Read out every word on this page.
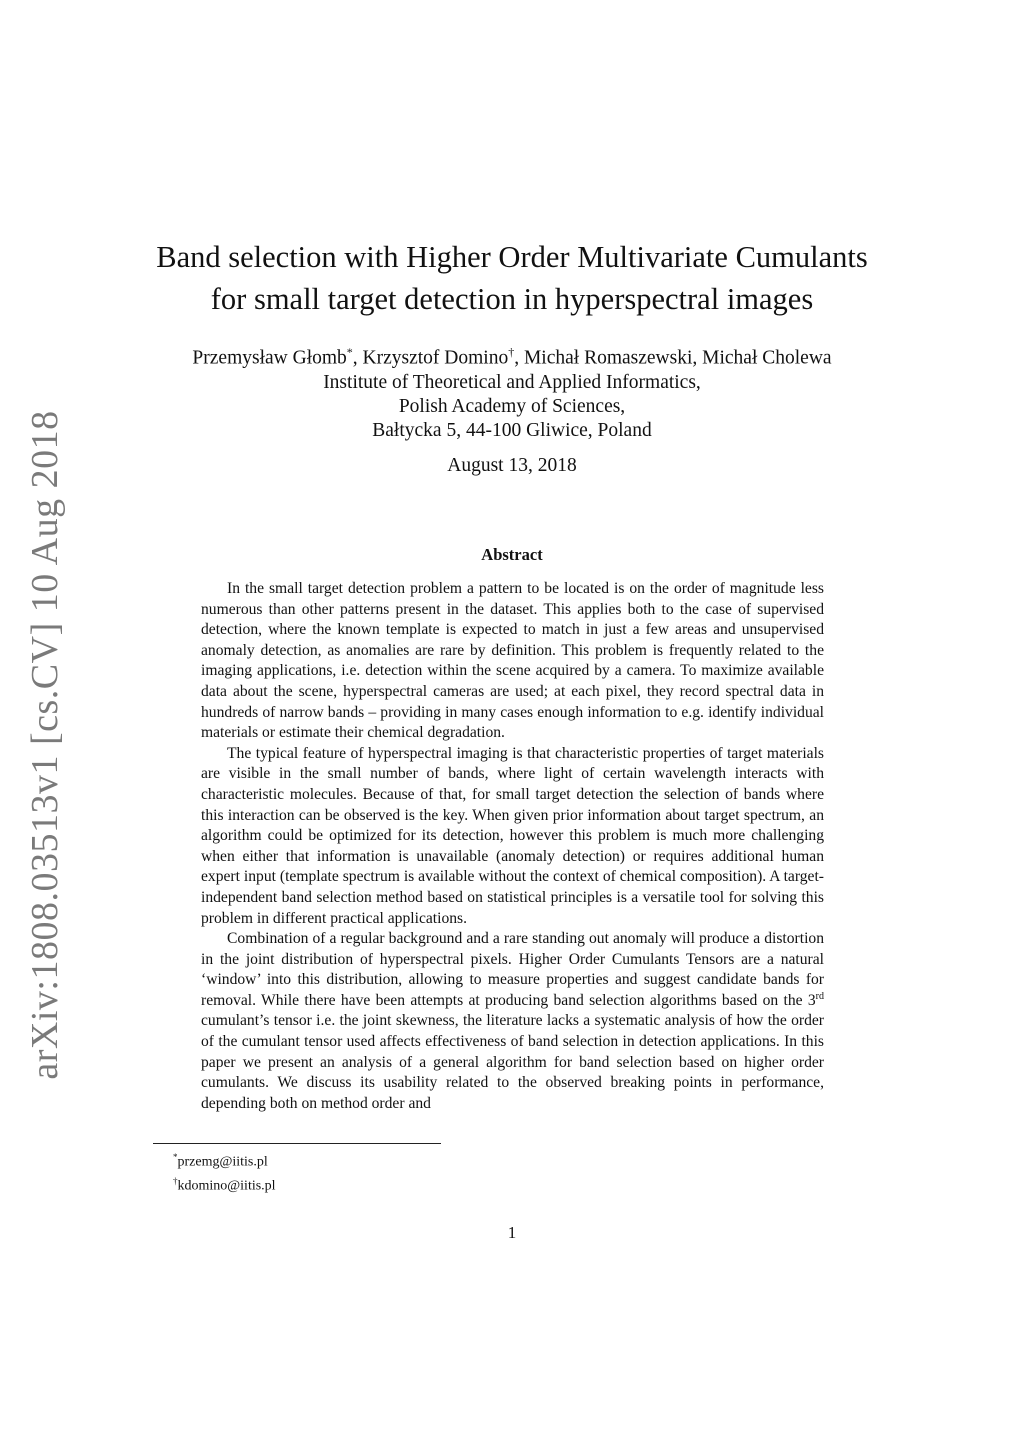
arXiv:1808.03513v1 [cs.CV] 10 Aug 2018
Band selection with Higher Order Multivariate Cumulants
for small target detection in hyperspectral images
Przemysław Głomb*, Krzysztof Domino†, Michał Romaszewski, Michał Cholewa
Institute of Theoretical and Applied Informatics,
Polish Academy of Sciences,
Bałtycka 5, 44-100 Gliwice, Poland
August 13, 2018
Abstract

In the small target detection problem a pattern to be located is on the order of magnitude less numerous than other patterns present in the dataset. This applies both to the case of supervised detection, where the known template is expected to match in just a few areas and unsupervised anomaly detection, as anomalies are rare by definition. This problem is frequently related to the imaging applications, i.e. detection within the scene acquired by a camera. To maximize available data about the scene, hyperspectral cameras are used; at each pixel, they record spectral data in hundreds of narrow bands – providing in many cases enough information to e.g. identify individual materials or estimate their chemical degradation.

The typical feature of hyperspectral imaging is that characteristic properties of target materials are visible in the small number of bands, where light of certain wavelength interacts with characteristic molecules. Because of that, for small target detection the selection of bands where this interaction can be observed is the key. When given prior information about target spectrum, an algorithm could be optimized for its detection, however this problem is much more challenging when either that information is unavailable (anomaly detection) or requires additional human expert input (template spectrum is available without the context of chemical composition). A target-independent band selection method based on statistical principles is a versatile tool for solving this problem in different practical applications.

Combination of a regular background and a rare standing out anomaly will produce a distortion in the joint distribution of hyperspectral pixels. Higher Order Cumulants Tensors are a natural ‘window’ into this distribution, allowing to measure properties and suggest candidate bands for removal. While there have been attempts at producing band selection algorithms based on the 3rd cumulant’s tensor i.e. the joint skewness, the literature lacks a systematic analysis of how the order of the cumulant tensor used affects effectiveness of band selection in detection applications. In this paper we present an analysis of a general algorithm for band selection based on higher order cumulants. We discuss its usability related to the observed breaking points in performance, depending both on method order and

*przemg@iitis.pl
†kdomino@iitis.pl
1
